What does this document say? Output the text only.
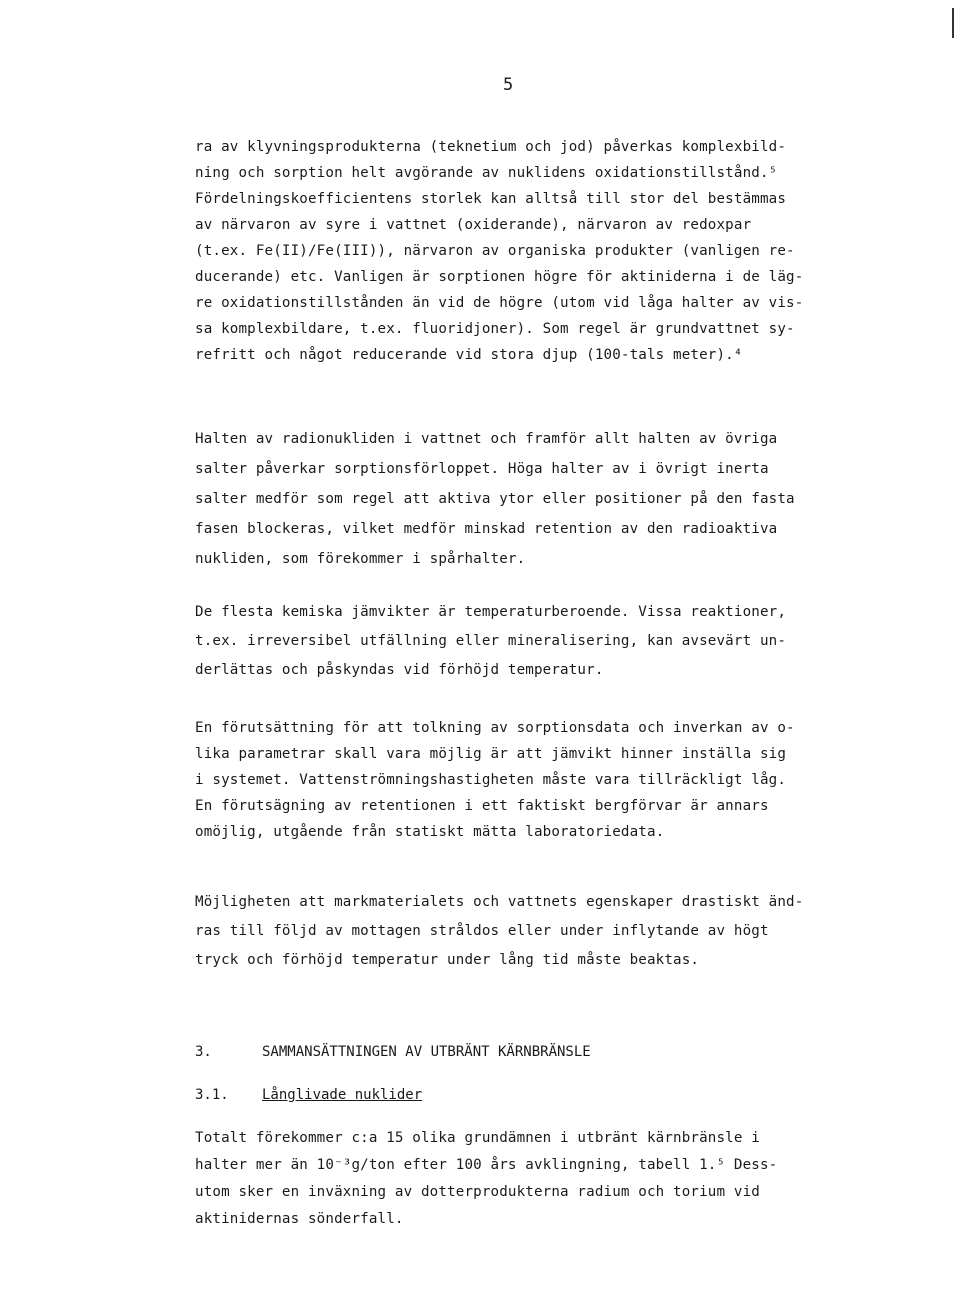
5
ra av klyvningsprodukterna (teknetium och jod) påverkas komplexbild-
ning och sorption helt avgörande av nuklidens oxidationstillstånd.⁵
Fördelningskoefficientens storlek kan alltså till stor del bestämmas
av närvaron av syre i vattnet (oxiderande), närvaron av redoxpar
(t.ex. Fe(II)/Fe(III)), närvaron av organiska produkter (vanligen re-
ducerande) etc. Vanligen är sorptionen högre för aktiniderna i de läg-
re oxidationstillstånden än vid de högre (utom vid låga halter av vis-
sa komplexbildare, t.ex. fluoridjoner). Som regel är grundvattnet sy-
refritt och något reducerande vid stora djup (100-tals meter).⁴
Halten av radionukliden i vattnet och framför allt halten av övriga
salter påverkar sorptionsförloppet. Höga halter av i övrigt inerta
salter medför som regel att aktiva ytor eller positioner på den fasta
fasen blockeras, vilket medför minskad retention av den radioaktiva
nukliden, som förekommer i spårhalter.
De flesta kemiska jämvikter är temperaturberoende. Vissa reaktioner,
t.ex. irreversibel utfällning eller mineralisering, kan avsevärt un-
derlättas och påskyndas vid förhöjd temperatur.
En förutsättning för att tolkning av sorptionsdata och inverkan av o-
lika parametrar skall vara möjlig är att jämvikt hinner inställa sig
i systemet. Vattenströmningshastigheten måste vara tillräckligt låg.
En förutsägning av retentionen i ett faktiskt bergförvar är annars
omöjlig, utgående från statiskt mätta laboratoriedata.
Möjligheten att markmaterialets och vattnets egenskaper drastiskt änd-
ras till följd av mottagen stråldos eller under inflytande av högt
tryck och förhöjd temperatur under lång tid måste beaktas.
3.	SAMMANSÄTTNINGEN AV UTBRÄNT KÄRNBRÄNSLE
3.1. Långlivade nuklider
Totalt förekommer c:a 15 olika grundämnen i utbränt kärnbränsle i
halter mer än 10⁻³g/ton efter 100 års avklingning, tabell 1.⁵ Dess-
utom sker en inväxning av dotterprodukterna radium och torium vid
aktinidernas sönderfall.
